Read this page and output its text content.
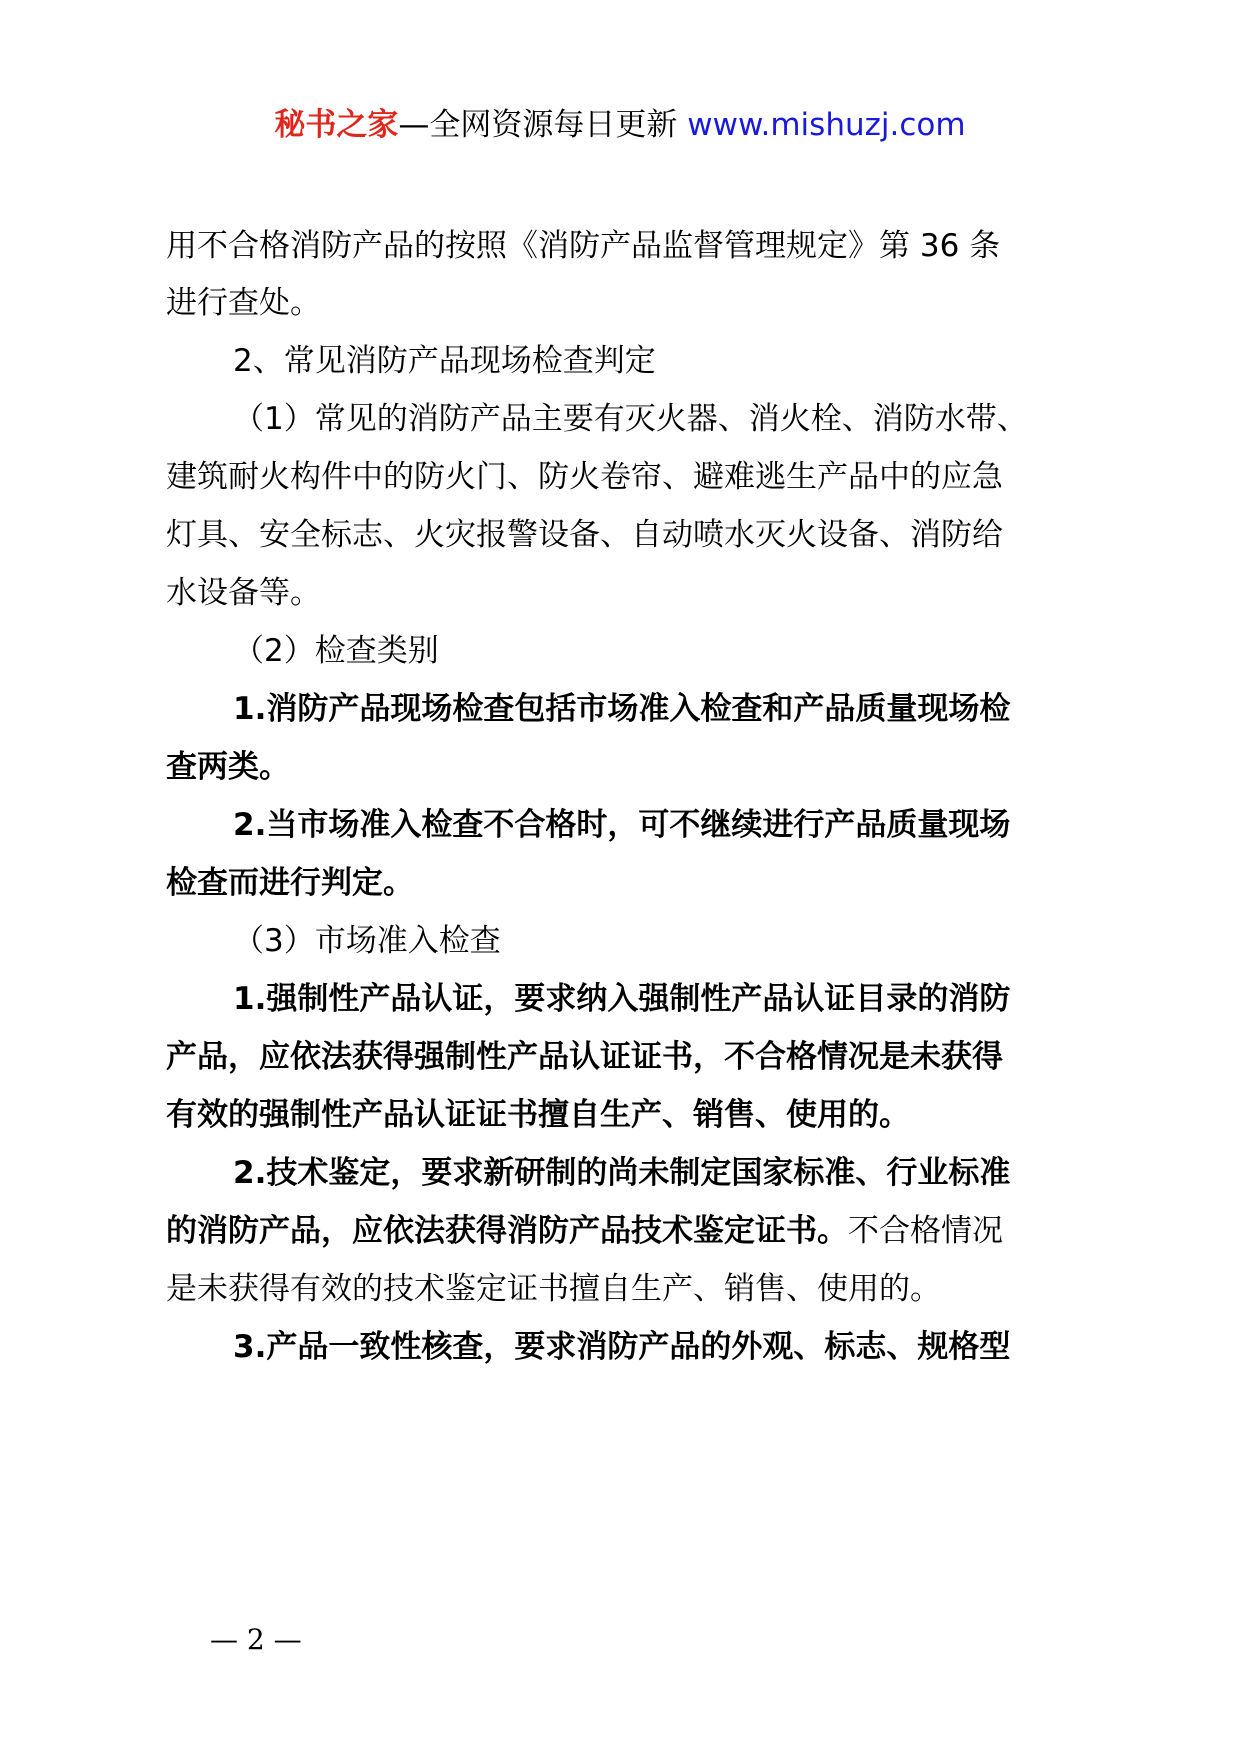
秘书之家—全网资源每日更新 www.mishuzj.com
用不合格消防产品的按照《消防产品监督管理规定》第 36 条
进行查处。
2、常见消防产品现场检查判定
（1）常见的消防产品主要有灭火器、消火栓、消防水带、
建筑耐火构件中的防火门、防火卷帘、避难逃生产品中的应急
灯具、安全标志、火灾报警设备、自动喷水灭火设备、消防给
水设备等。
（2）检查类别
1.消防产品现场检查包括市场准入检查和产品质量现场检
查两类。
2.当市场准入检查不合格时，可不继续进行产品质量现场
检查而进行判定。
（3）市场准入检查
1.强制性产品认证，要求纳入强制性产品认证目录的消防
产品，应依法获得强制性产品认证证书，不合格情况是未获得
有效的强制性产品认证证书擅自生产、销售、使用的。
2.技术鉴定，要求新研制的尚未制定国家标准、行业标准
的消防产品，应依法获得消防产品技术鉴定证书。不合格情况
是未获得有效的技术鉴定证书擅自生产、销售、使用的。
3.产品一致性核查，要求消防产品的外观、标志、规格型
— 2 —
